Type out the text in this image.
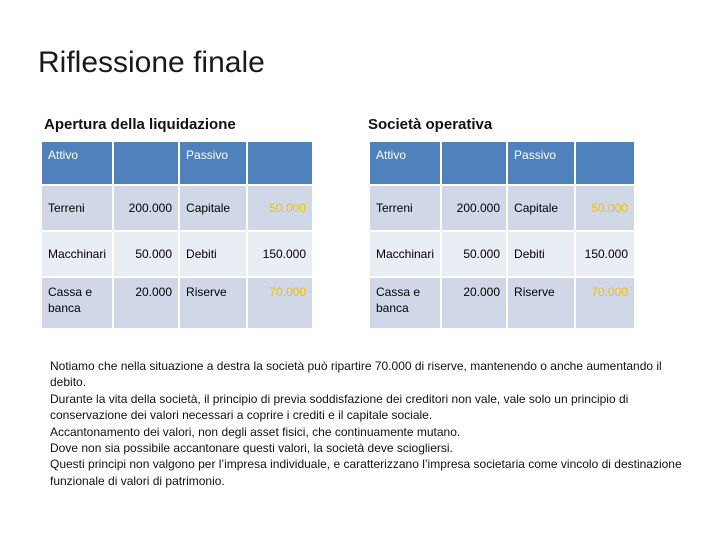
Riflessione finale
Apertura della liquidazione	Società operativa
Attivo		Passivo	
Terreni	200.000	Capitale	50.000
Macchinari	50.000	Debiti	150.000
Cassa e banca	20.000	Riserve	70.000
Attivo		Passivo	
Terreni	200.000	Capitale	50.000
Macchinari	50.000	Debiti	150.000
Cassa e banca	20.000	Riserve	70.000

Notiamo che nella situazione a destra la società può ripartire 70.000 di riserve, mantenendo o anche aumentando il debito.

Durante la vita della società, il principio di previa soddisfazione dei creditori non vale, vale solo un principio di conservazione dei valori necessari a coprire i crediti e il capitale sociale.

Accantonamento dei valori, non degli asset fisici, che continuamente mutano.

Dove non sia possibile accantonare questi valori, la società deve sciogliersi.

Questi principi non valgono per l’impresa individuale, e caratterizzano l’impresa societaria come vincolo di destinazione funzionale di valori di patrimonio.
